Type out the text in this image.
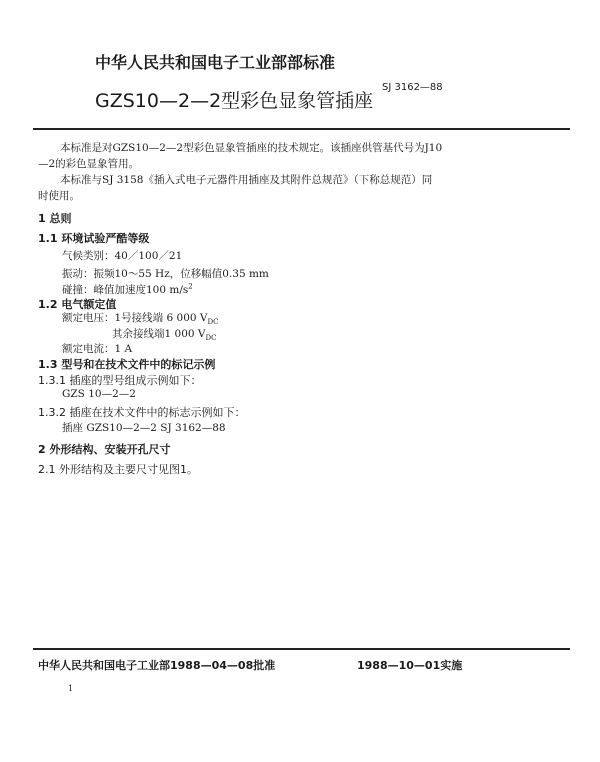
中华人民共和国电子工业部部标准
GZS10—2—2型彩色显象管插座
SJ 3162—88
本标准是对GZS10—2—2型彩色显象管插座的技术规定。该插座供管基代号为J10
—2的彩色显象管用。
本标准与SJ 3158《插入式电子元器件用插座及其附件总规范》（下称总规范）同
时使用。
1 总则
1.1 环境试验严酷等级
气候类别：40／100／21
振动：振频10～55 Hz，位移幅值0.35 mm
碰撞：峰值加速度100 $m/s^2$
1.2 电气额定值
额定电压：1号接线端 6 000 $V_{DC}$
其余接线端1 000 $V_{DC}$
额定电流：1 A
1.3 型号和在技术文件中的标记示例
1.3.1 插座的型号组成示例如下：
GZS 10—2—2
1.3.2 插座在技术文件中的标志示例如下：
插座 GZS10—2—2 SJ 3162—88
2 外形结构、安装开孔尺寸
2.1 外形结构及主要尺寸见图1。
中华人民共和国电子工业部1988—04—08批准	1988—10—01实施
1
